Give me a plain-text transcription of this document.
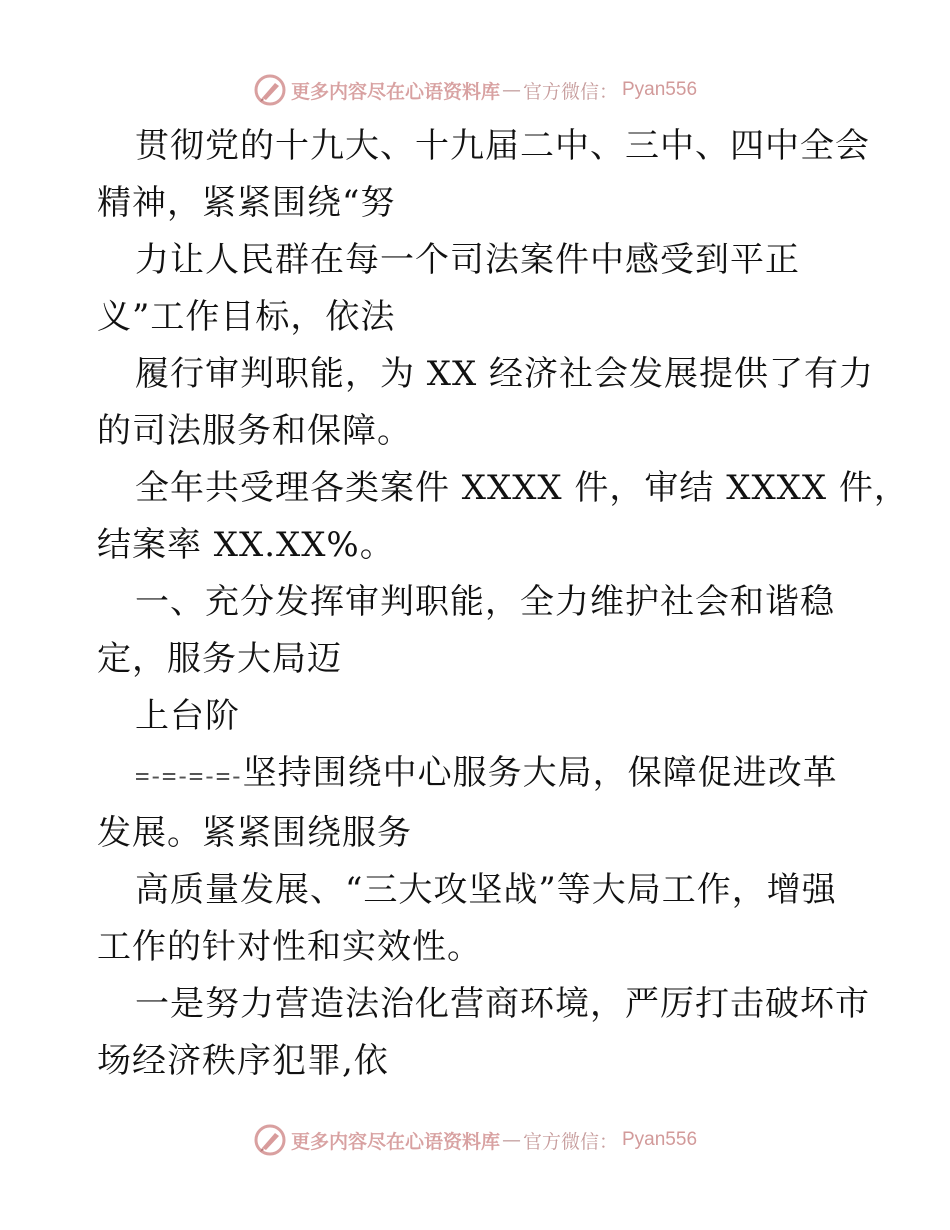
更多内容尽在心语资料库 — 官方微信： Pyan556

贯彻党的十九大、十九届二中、三中、四中全会
精神，紧紧围绕“努

力让人民群在每一个司法案件中感受到平正
义”工作目标，依法

履行审判职能，为 XX 经济社会发展提供了有力
的司法服务和保障。

全年共受理各类案件 XXXX 件，审结 XXXX 件，
结案率 XX.XX%。

一、充分发挥审判职能，全力维护社会和谐稳
定，服务大局迈

上台阶

=-=-=-=-坚持围绕中心服务大局，保障促进改革
发展。紧紧围绕服务

高质量发展、“三大攻坚战”等大局工作，增强
工作的针对性和实效性。

一是努力营造法治化营商环境，严厉打击破坏市
场经济秩序犯罪,依

更多内容尽在心语资料库 — 官方微信： Pyan556
